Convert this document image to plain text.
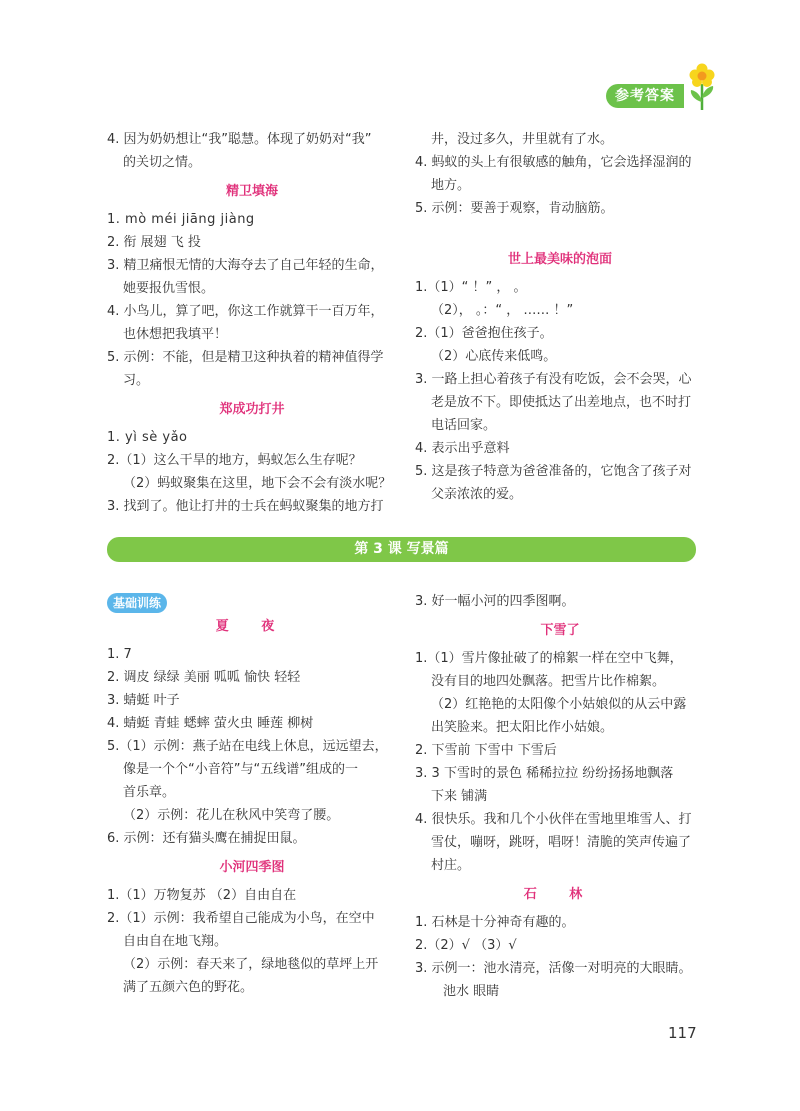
参考答案

4. 因为奶奶想让“我”聪慧。体现了奶奶对“我”

的关切之情。

精卫填海

1. mò méi jiāng jiàng

2. 衔 展翅 飞 投

3. 精卫痛恨无情的大海夺去了自己年轻的生命，

她要报仇雪恨。

4. 小鸟儿，算了吧，你这工作就算干一百万年，

也休想把我填平！

5. 示例：不能，但是精卫这种执着的精神值得学

习。

郑成功打井

1. yì sè yǎo

2.（1）这么干旱的地方，蚂蚁怎么生存呢？

（2）蚂蚁聚集在这里，地下会不会有淡水呢？

3. 找到了。他让打井的士兵在蚂蚁聚集的地方打

井，没过多久，井里就有了水。

4. 蚂蚁的头上有很敏感的触角，它会选择湿润的

地方。

5. 示例：要善于观察，肯动脑筋。

世上最美味的泡面

1.（1）“ ！” ， 。

（2）， 。：“ ， …… ！”

2.（1）爸爸抱住孩子。

（2）心底传来低鸣。

3. 一路上担心着孩子有没有吃饭，会不会哭，心

老是放不下。即使抵达了出差地点，也不时打

电话回家。

4. 表示出乎意料

5. 这是孩子特意为爸爸准备的，它饱含了孩子对

父亲浓浓的爱。

第 3 课 写景篇
基础训练
夏 夜

1. 7

2. 调皮 绿绿 美丽 呱呱 愉快 轻轻

3. 蜻蜓 叶子

4. 蜻蜓 青蛙 蟋蟀 萤火虫 睡莲 柳树

5.（1）示例：燕子站在电线上休息，远远望去，

像是一个个“小音符”与“五线谱”组成的一

首乐章。

（2）示例：花儿在秋风中笑弯了腰。

6. 示例：还有猫头鹰在捕捉田鼠。

小河四季图

1.（1）万物复苏 （2）自由自在

2.（1）示例：我希望自己能成为小鸟，在空中

自由自在地飞翔。

（2）示例：春天来了，绿地毯似的草坪上开

满了五颜六色的野花。

3. 好一幅小河的四季图啊。

下雪了

1.（1）雪片像扯破了的棉絮一样在空中飞舞，

没有目的地四处飘落。把雪片比作棉絮。

（2）红艳艳的太阳像个小姑娘似的从云中露

出笑脸来。把太阳比作小姑娘。

2. 下雪前 下雪中 下雪后

3. 3 下雪时的景色 稀稀拉拉 纷纷扬扬地飘落

下来 铺满

4. 很快乐。我和几个小伙伴在雪地里堆雪人、打

雪仗，嘣呀，跳呀，唱呀！清脆的笑声传遍了

村庄。

石 林

1. 石林是十分神奇有趣的。

2.（2）√ （3）√

3. 示例一：池水清亮，活像一对明亮的大眼睛。

池水 眼睛

117
